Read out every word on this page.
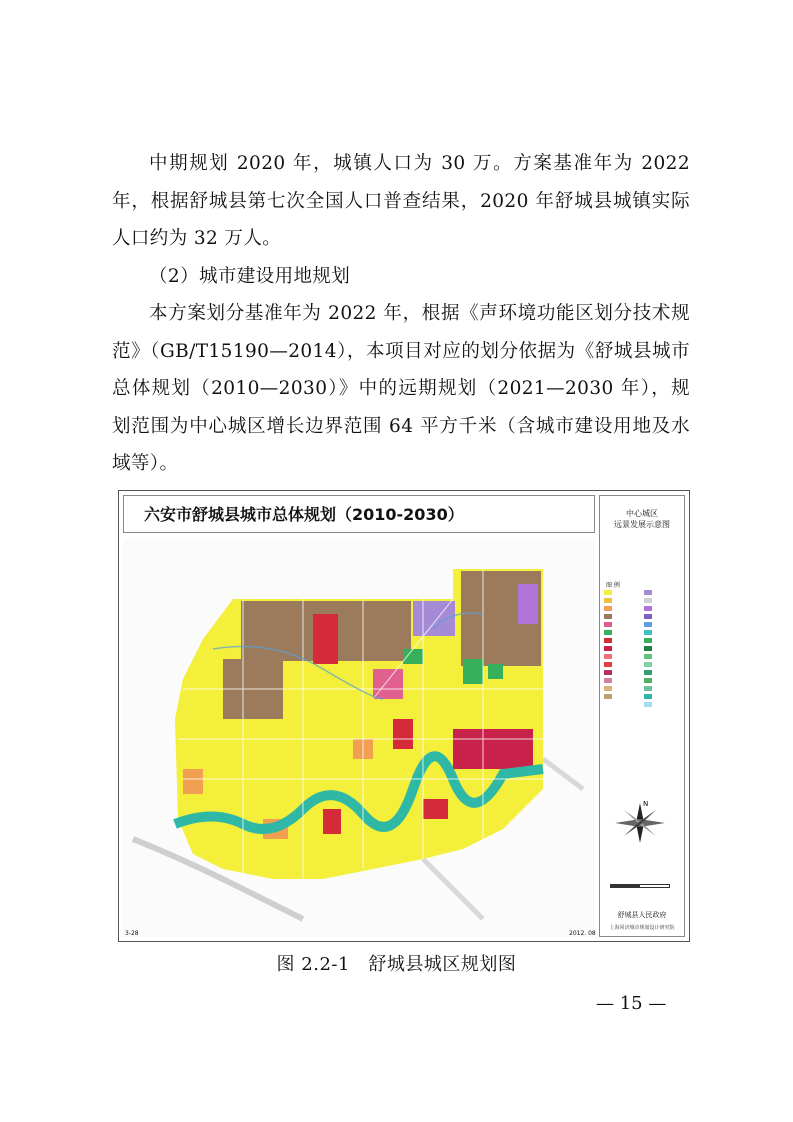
中期规划 2020 年，城镇人口为 30 万。方案基准年为 2022 年，根据舒城县第七次全国人口普查结果，2020 年舒城县城镇实际人口约为 32 万人。

（2）城市建设用地规划

本方案划分基准年为 2022 年，根据《声环境功能区划分技术规范》（GB/T15190—2014），本项目对应的划分依据为《舒城县城市总体规划（2010—2030）》中的远期规划（2021—2030 年），规划范围为中心城区增长边界范围 64 平方千米（含城市建设用地及水域等）。

六安市舒城县城市总体规划（2010-2030）	中心城区
远景发展示意图
图 例
N
舒城县人民政府
上海同济城市规划设计研究院
3-28	2012. 08
图 2.2-1　舒城县城区规划图
— 15 —
